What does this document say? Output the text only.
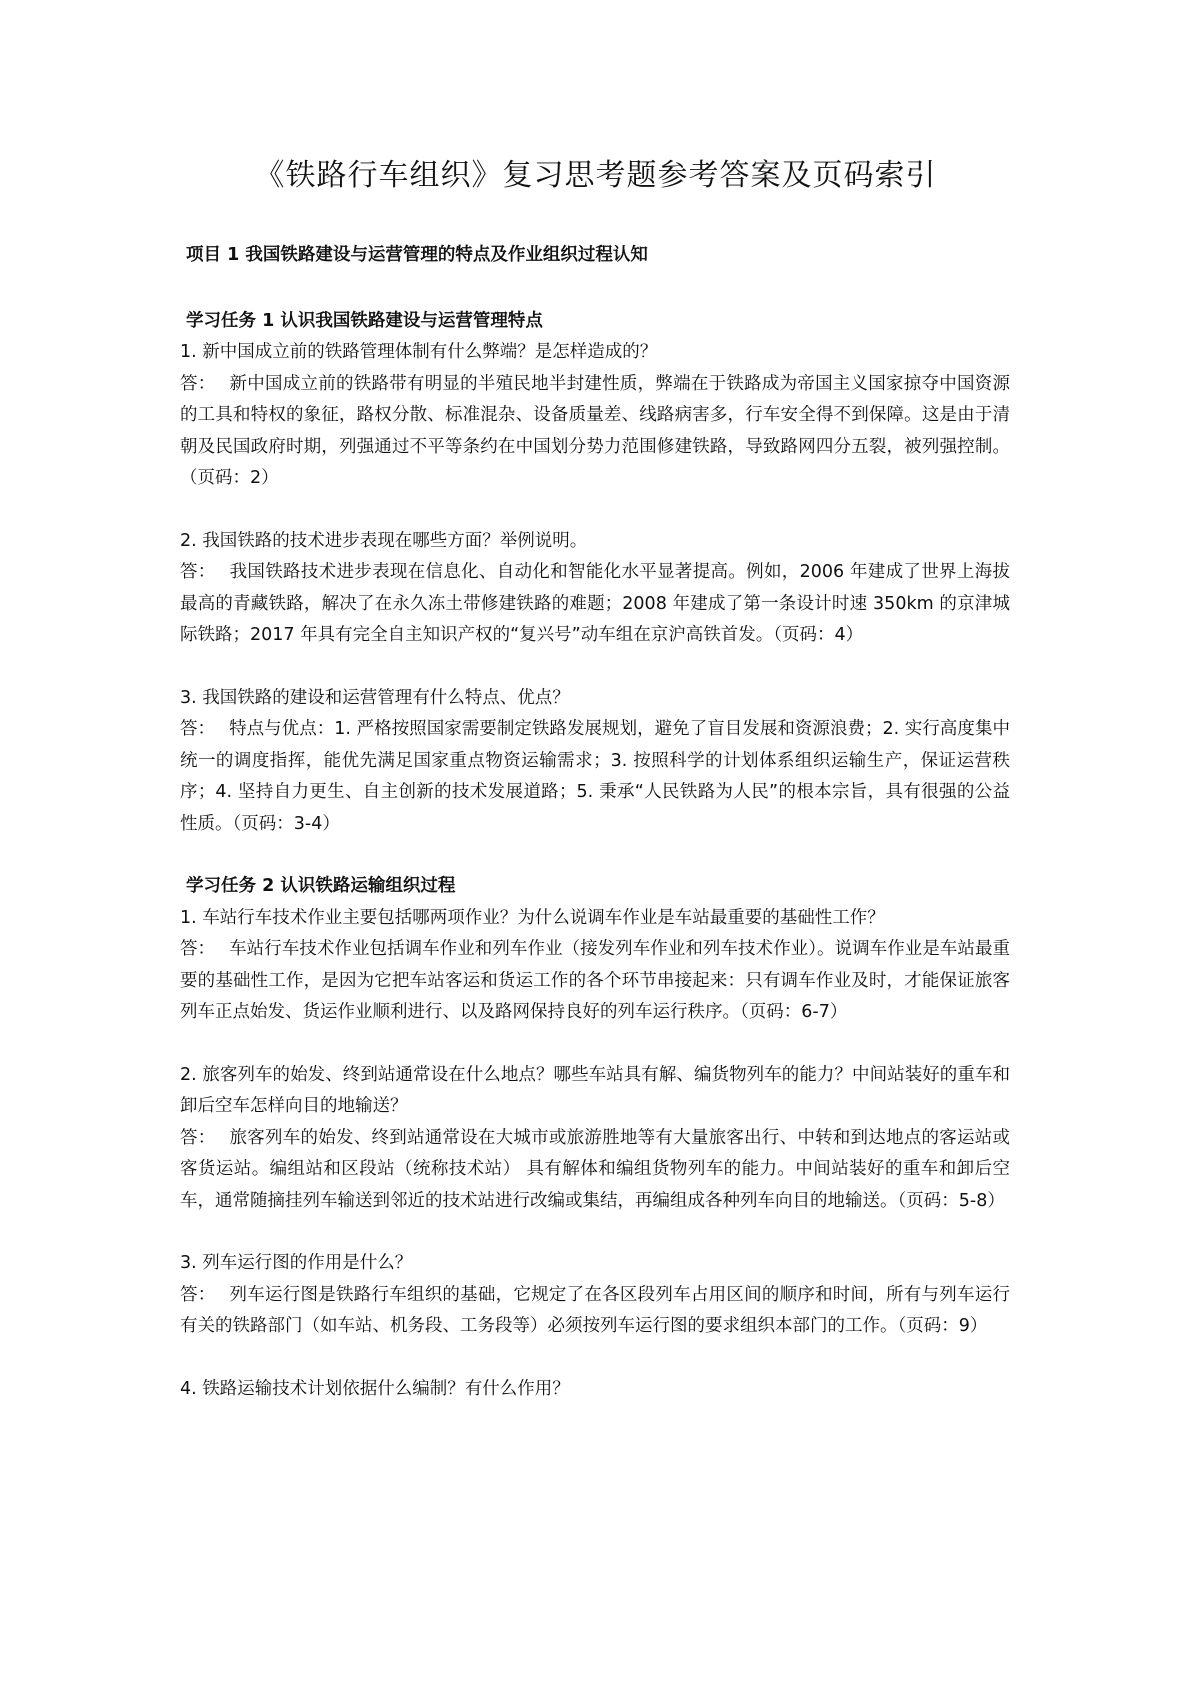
《铁路行车组织》复习思考题参考答案及页码索引

项目 1 我国铁路建设与运营管理的特点及作业组织过程认知

学习任务 1 认识我国铁路建设与运营管理特点

1. 新中国成立前的铁路管理体制有什么弊端？是怎样造成的？

答： 新中国成立前的铁路带有明显的半殖民地半封建性质，弊端在于铁路成为帝国主义国家掠夺中国资源的工具和特权的象征，路权分散、标准混杂、设备质量差、线路病害多，行车安全得不到保障。这是由于清朝及民国政府时期，列强通过不平等条约在中国划分势力范围修建铁路，导致路网四分五裂，被列强控制。（页码：2）

2. 我国铁路的技术进步表现在哪些方面？举例说明。

答： 我国铁路技术进步表现在信息化、自动化和智能化水平显著提高。例如，2006 年建成了世界上海拔最高的青藏铁路，解决了在永久冻土带修建铁路的难题；2008 年建成了第一条设计时速 350km 的京津城际铁路；2017 年具有完全自主知识产权的“复兴号”动车组在京沪高铁首发。（页码：4）

3. 我国铁路的建设和运营管理有什么特点、优点？

答： 特点与优点：1. 严格按照国家需要制定铁路发展规划，避免了盲目发展和资源浪费；2. 实行高度集中统一的调度指挥，能优先满足国家重点物资运输需求；3. 按照科学的计划体系组织运输生产，保证运营秩序；4. 坚持自力更生、自主创新的技术发展道路；5. 秉承“人民铁路为人民”的根本宗旨，具有很强的公益性质。（页码：3-4）

学习任务 2 认识铁路运输组织过程

1. 车站行车技术作业主要包括哪两项作业？为什么说调车作业是车站最重要的基础性工作？

答： 车站行车技术作业包括调车作业和列车作业（接发列车作业和列车技术作业）。说调车作业是车站最重要的基础性工作，是因为它把车站客运和货运工作的各个环节串接起来：只有调车作业及时，才能保证旅客列车正点始发、货运作业顺利进行、以及路网保持良好的列车运行秩序。（页码：6-7）

2. 旅客列车的始发、终到站通常设在什么地点？哪些车站具有解、编货物列车的能力？中间站装好的重车和卸后空车怎样向目的地输送？

答： 旅客列车的始发、终到站通常设在大城市或旅游胜地等有大量旅客出行、中转和到达地点的客运站或客货运站。编组站和区段站（统称技术站） 具有解体和编组货物列车的能力。中间站装好的重车和卸后空车，通常随摘挂列车输送到邻近的技术站进行改编或集结，再编组成各种列车向目的地输送。（页码：5-8）

3. 列车运行图的作用是什么？

答： 列车运行图是铁路行车组织的基础，它规定了在各区段列车占用区间的顺序和时间，所有与列车运行有关的铁路部门（如车站、机务段、工务段等）必须按列车运行图的要求组织本部门的工作。（页码：9）

4. 铁路运输技术计划依据什么编制？有什么作用？
